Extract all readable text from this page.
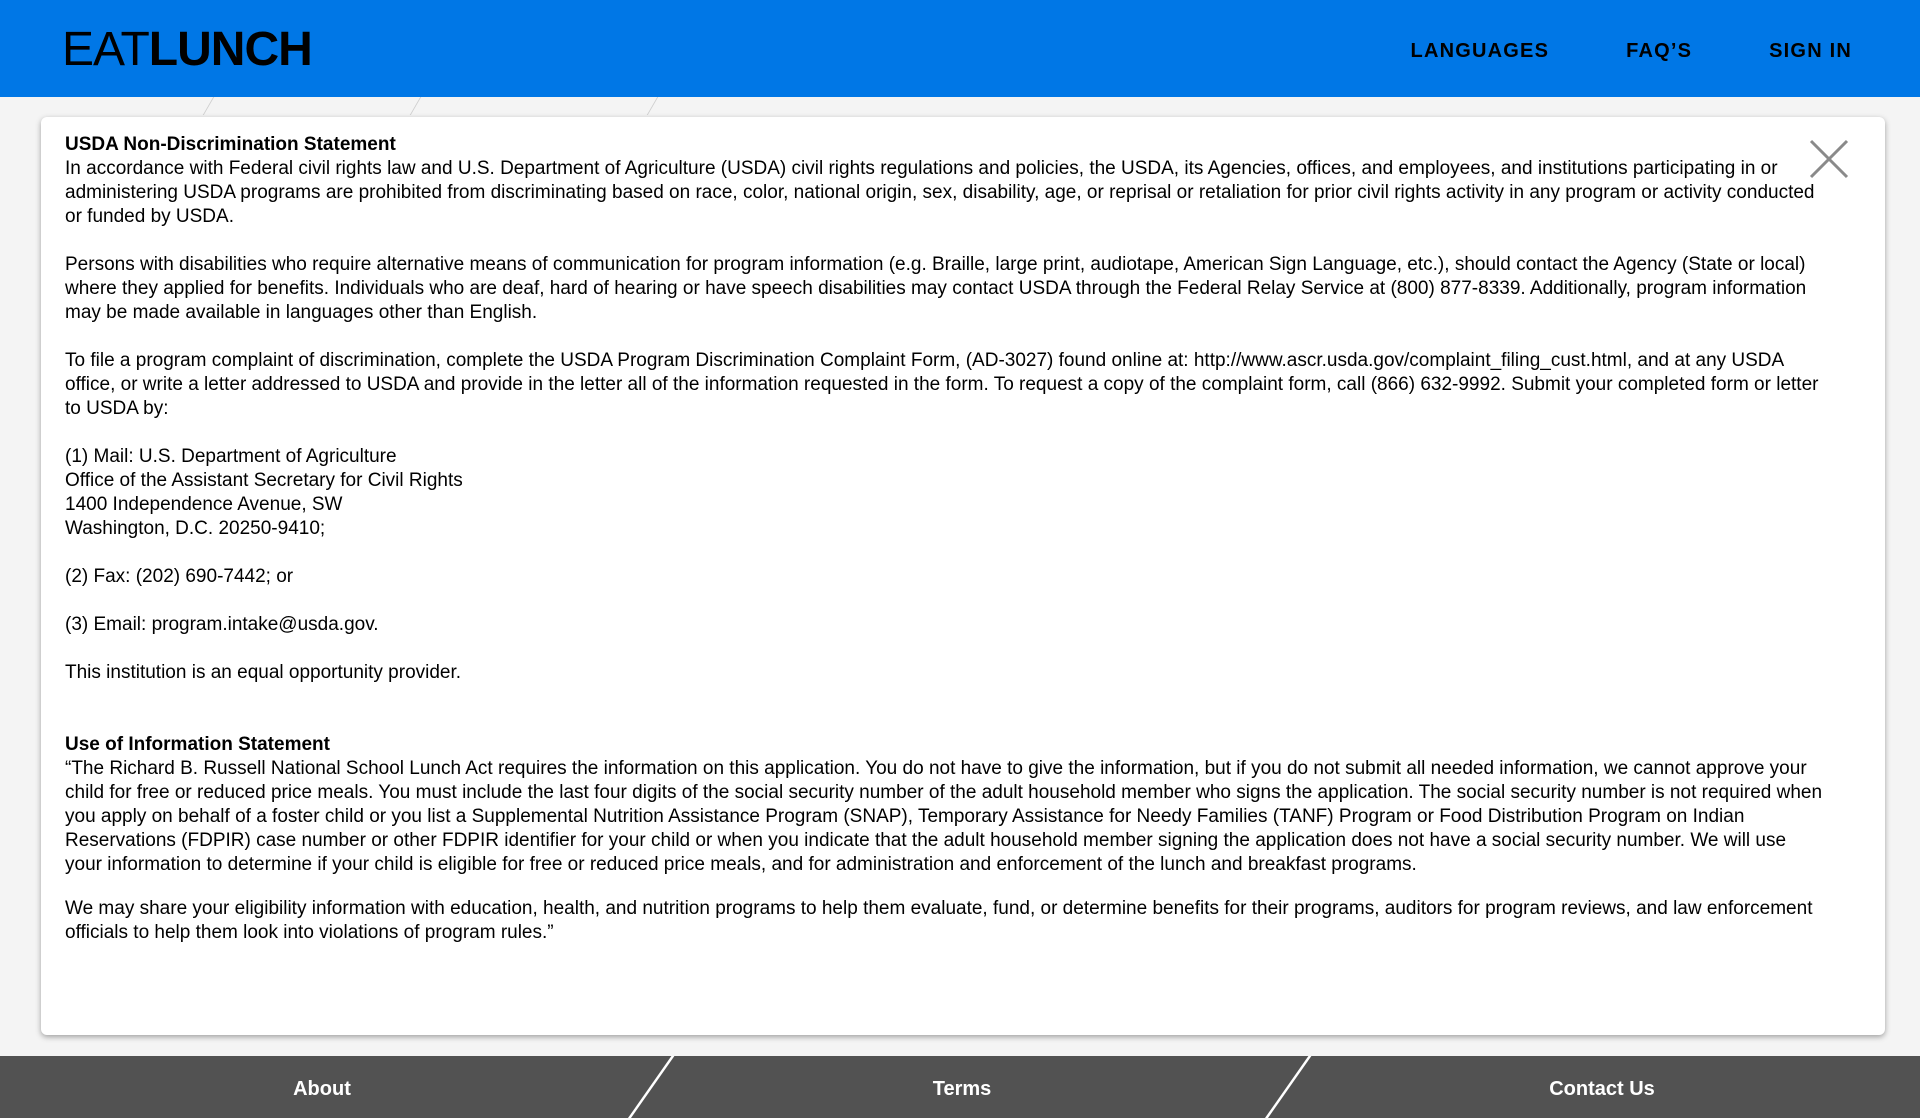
EATLUNCH	LANGUAGES	FAQ’S	SIGN IN

USDA Non-Discrimination Statement

In accordance with Federal civil rights law and U.S. Department of Agriculture (USDA) civil rights regulations and policies, the USDA, its Agencies, offices, and employees, and institutions participating in or administering USDA programs are prohibited from discriminating based on race, color, national origin, sex, disability, age, or reprisal or retaliation for prior civil rights activity in any program or activity conducted or funded by USDA.

Persons with disabilities who require alternative means of communication for program information (e.g. Braille, large print, audiotape, American Sign Language, etc.), should contact the Agency (State or local) where they applied for benefits. Individuals who are deaf, hard of hearing or have speech disabilities may contact USDA through the Federal Relay Service at (800) 877-8339. Additionally, program information may be made available in languages other than English.

To file a program complaint of discrimination, complete the USDA Program Discrimination Complaint Form, (AD-3027) found online at: http://www.ascr.usda.gov/complaint_filing_cust.html, and at any USDA office, or write a letter addressed to USDA and provide in the letter all of the information requested in the form. To request a copy of the complaint form, call (866) 632-9992. Submit your completed form or letter to USDA by:

(1) Mail: U.S. Department of Agriculture

Office of the Assistant Secretary for Civil Rights

1400 Independence Avenue, SW

Washington, D.C. 20250-9410;

(2) Fax: (202) 690-7442; or

(3) Email: program.intake@usda.gov.

This institution is an equal opportunity provider.

Use of Information Statement

“The Richard B. Russell National School Lunch Act requires the information on this application. You do not have to give the information, but if you do not submit all needed information, we cannot approve your child for free or reduced price meals. You must include the last four digits of the social security number of the adult household member who signs the application. The social security number is not required when you apply on behalf of a foster child or you list a Supplemental Nutrition Assistance Program (SNAP), Temporary Assistance for Needy Families (TANF) Program or Food Distribution Program on Indian Reservations (FDPIR) case number or other FDPIR identifier for your child or when you indicate that the adult household member signing the application does not have a social security number. We will use your information to determine if your child is eligible for free or reduced price meals, and for administration and enforcement of the lunch and breakfast programs.

We may share your eligibility information with education, health, and nutrition programs to help them evaluate, fund, or determine benefits for their programs, auditors for program reviews, and law enforcement officials to help them look into violations of program rules.”

About	Terms	Contact Us
